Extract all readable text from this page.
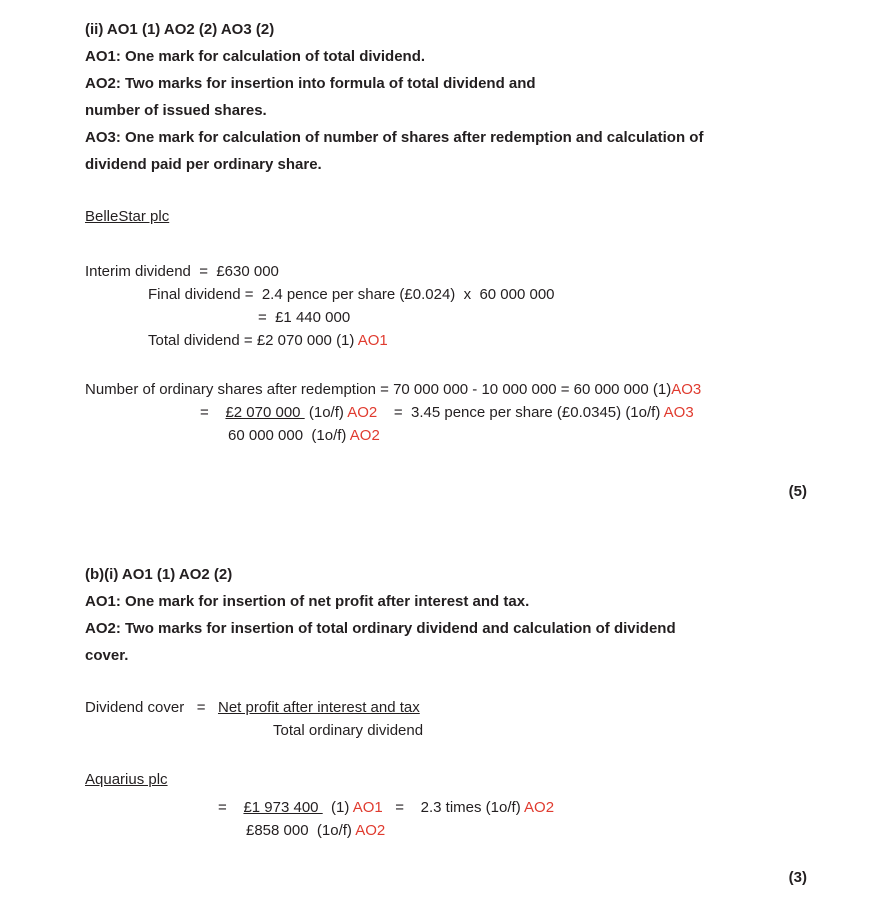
(ii) AO1 (1) AO2 (2) AO3 (2)
AO1: One mark for calculation of total dividend.
AO2: Two marks for insertion into formula of total dividend and
number of issued shares.
AO3: One mark for calculation of number of shares after redemption and calculation of
dividend paid per ordinary share.
BelleStar plc
Interim dividend  =  £630 000
Final dividend =  2.4 pence per share (£0.024)  x  60 000 000
=  £1 440 000
Total dividend = £2 070 000 (1) AO1
Number of ordinary shares after redemption = 70 000 000 - 10 000 000 = 60 000 000 (1)AO3
=    £2 070 000  (1o/f) AO2    =  3.45 pence per share (£0.0345) (1o/f) AO3
60 000 000  (1o/f) AO2
(5)
(b)(i) AO1 (1) AO2 (2)
AO1: One mark for insertion of net profit after interest and tax.
AO2: Two marks for insertion of total ordinary dividend and calculation of dividend
cover.
Dividend cover   =   Net profit after interest and tax
Total ordinary dividend
Aquarius plc
=    £1 973 400   (1) AO1   =    2.3 times (1o/f) AO2
£858 000  (1o/f) AO2
(3)
